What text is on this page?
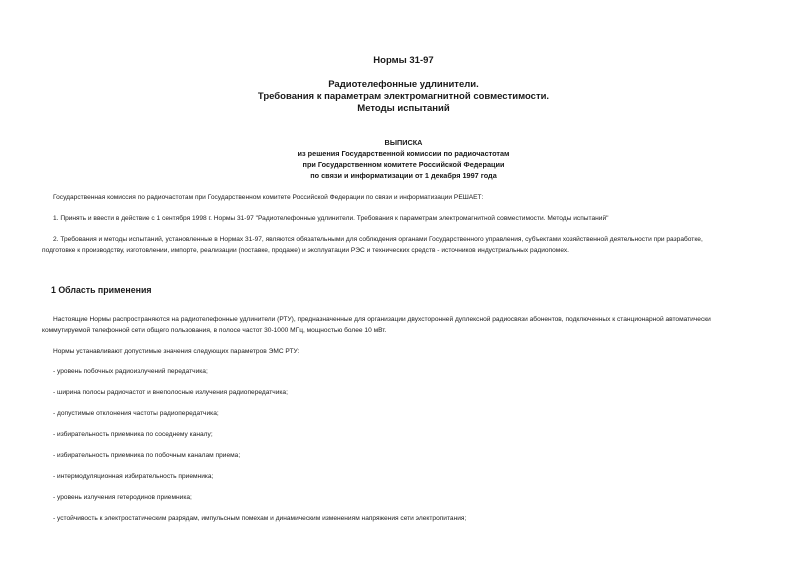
Нормы 31-97
Радиотелефонные удлинители.
Требования к параметрам электромагнитной совместимости.
Методы испытаний
ВЫПИСКА
из решения Государственной комиссии по радиочастотам
при Государственном комитете Российской Федерации
по связи и информатизации от 1 декабря 1997 года
Государственная комиссия по радиочастотам при Государственном комитете Российской Федерации по связи и информатизации РЕШАЕТ:
1. Принять и ввести в действие с 1 сентября 1998 г. Нормы 31-97 "Радиотелефонные удлинители. Требования к параметрам электромагнитной совместимости. Методы испытаний"
2. Требования и методы испытаний, установленные в Нормах 31-97, являются обязательными для соблюдения органами Государственного управления, субъектами хозяйственной деятельности при разработке,
подготовке к производству, изготовлении, импорте, реализации (поставке, продаже) и эксплуатации РЭС и технических средств - источников индустриальных радиопомех.
1 Область применения
Настоящие Нормы распространяются на радиотелефонные удлинители (РТУ), предназначенные для организации двухсторонней дуплексной радиосвязи абонентов, подключенных к станционарной автоматически
коммутируемой телефонной сети общего пользования, в полосе частот 30-1000 МГц, мощностью более 10 мВт.
Нормы устанавливают допустимые значения следующих параметров ЭМС РТУ:
- уровень побочных радиоизлучений передатчика;
- ширина полосы радиочастот и внеполосные излучения радиопередатчика;
- допустимые отклонения частоты радиопередатчика;
- избирательность приемника по соседнему каналу;
- избирательность приемника по побочным каналам приема;
- интермодуляционная избирательность приемника;
- уровень излучения гетеродинов приемника;
- устойчивость к электростатическим разрядам, импульсным помехам и динамическим изменениям напряжения сети электропитания;
